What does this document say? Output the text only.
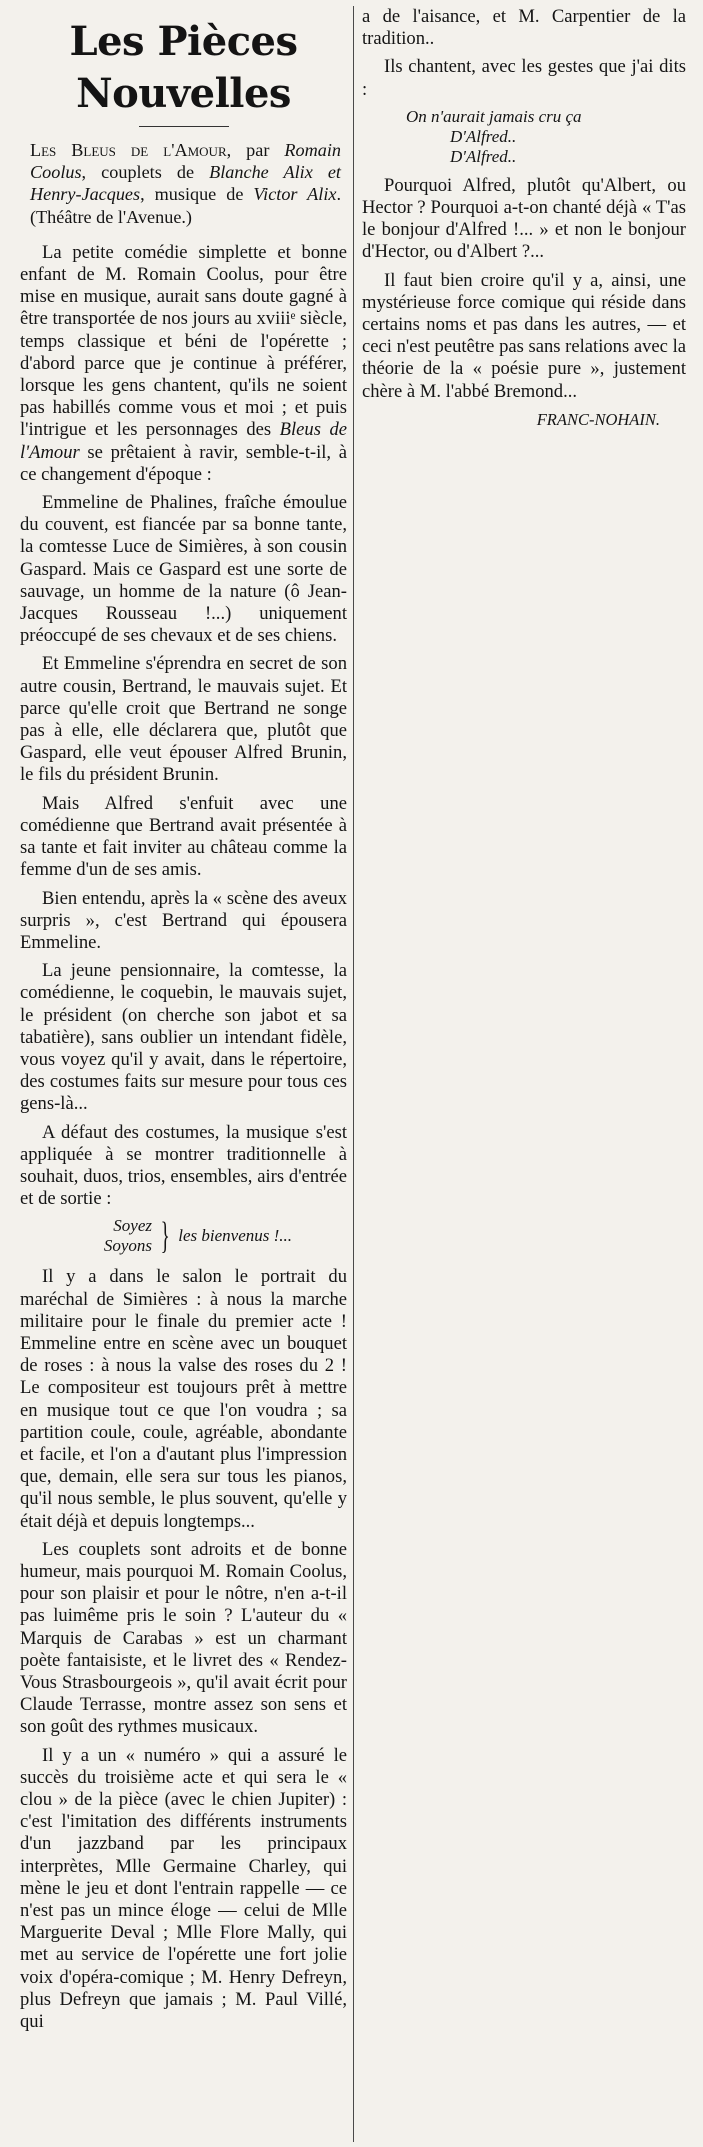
Les Pièces Nouvelles

Les Bleus de l'Amour, par Romain Coolus, couplets de Blanche Alix et Henry-Jacques, musique de Victor Alix. (Théâtre de l'Avenue.)

La petite comédie simplette et bonne enfant de M. Romain Coolus, pour être mise en musique, aurait sans doute gagné à être transportée de nos jours au xviiiᵉ siècle, temps classique et béni de l'opérette ; d'abord parce que je continue à préférer, lorsque les gens chantent, qu'ils ne soient pas habillés comme vous et moi ; et puis l'intrigue et les personnages des Bleus de l'Amour se prêtaient à ravir, semble-t-il, à ce changement d'époque :

Emmeline de Phalines, fraîche émoulue du couvent, est fiancée par sa bonne tante, la comtesse Luce de Simières, à son cousin Gaspard. Mais ce Gaspard est une sorte de sauvage, un homme de la nature (ô Jean-Jacques Rousseau !...) uniquement préoccupé de ses chevaux et de ses chiens.

Et Emmeline s'éprendra en secret de son autre cousin, Bertrand, le mauvais sujet. Et parce qu'elle croit que Bertrand ne songe pas à elle, elle déclarera que, plutôt que Gaspard, elle veut épouser Alfred Brunin, le fils du président Brunin.

Mais Alfred s'enfuit avec une comédienne que Bertrand avait présentée à sa tante et fait inviter au château comme la femme d'un de ses amis.

Bien entendu, après la « scène des aveux surpris », c'est Bertrand qui épousera Emmeline.

La jeune pensionnaire, la comtesse, la comédienne, le coquebin, le mauvais sujet, le président (on cherche son jabot et sa tabatière), sans oublier un intendant fidèle, vous voyez qu'il y avait, dans le répertoire, des costumes faits sur mesure pour tous ces gens-là...

A défaut des costumes, la musique s'est appliquée à se montrer traditionnelle à souhait, duos, trios, ensembles, airs d'entrée et de sortie :

Soyez
Soyons } les bienvenus !...

Il y a dans le salon le portrait du maréchal de Simières : à nous la marche militaire pour le finale du premier acte ! Emmeline entre en scène avec un bouquet de roses : à nous la valse des roses du 2 ! Le compositeur est toujours prêt à mettre en musique tout ce que l'on voudra ; sa partition coule, coule, agréable, abondante et facile, et l'on a d'autant plus l'impression que, demain, elle sera sur tous les pianos, qu'il nous semble, le plus souvent, qu'elle y était déjà et depuis longtemps...

Les couplets sont adroits et de bonne humeur, mais pourquoi M. Romain Coolus, pour son plaisir et pour le nôtre, n'en a-t-il pas luimême pris le soin ? L'auteur du « Marquis de Carabas » est un charmant poète fantaisiste, et le livret des « Rendez-Vous Strasbourgeois », qu'il avait écrit pour Claude Terrasse, montre assez son sens et son goût des rythmes musicaux.

Il y a un « numéro » qui a assuré le succès du troisième acte et qui sera le « clou » de la pièce (avec le chien Jupiter) : c'est l'imitation des différents instruments d'un jazzband par les principaux interprètes, Mlle Germaine Charley, qui mène le jeu et dont l'entrain rappelle — ce n'est pas un mince éloge — celui de Mlle Marguerite Deval ; Mlle Flore Mally, qui met au service de l'opérette une fort jolie voix d'opéra-comique ; M. Henry Defreyn, plus Defreyn que jamais ; M. Paul Villé, qui

a de l'aisance, et M. Carpentier de la tradition..

Ils chantent, avec les gestes que j'ai dits :

On n'aurait jamais cru ça
D'Alfred..
D'Alfred..

Pourquoi Alfred, plutôt qu'Albert, ou Hector ? Pourquoi a-t-on chanté déjà « T'as le bonjour d'Alfred !... » et non le bonjour d'Hector, ou d'Albert ?...

Il faut bien croire qu'il y a, ainsi, une mystérieuse force comique qui réside dans certains noms et pas dans les autres, — et ceci n'est peutêtre pas sans relations avec la théorie de la « poésie pure », justement chère à M. l'abbé Bremond...

FRANC-NOHAIN.
